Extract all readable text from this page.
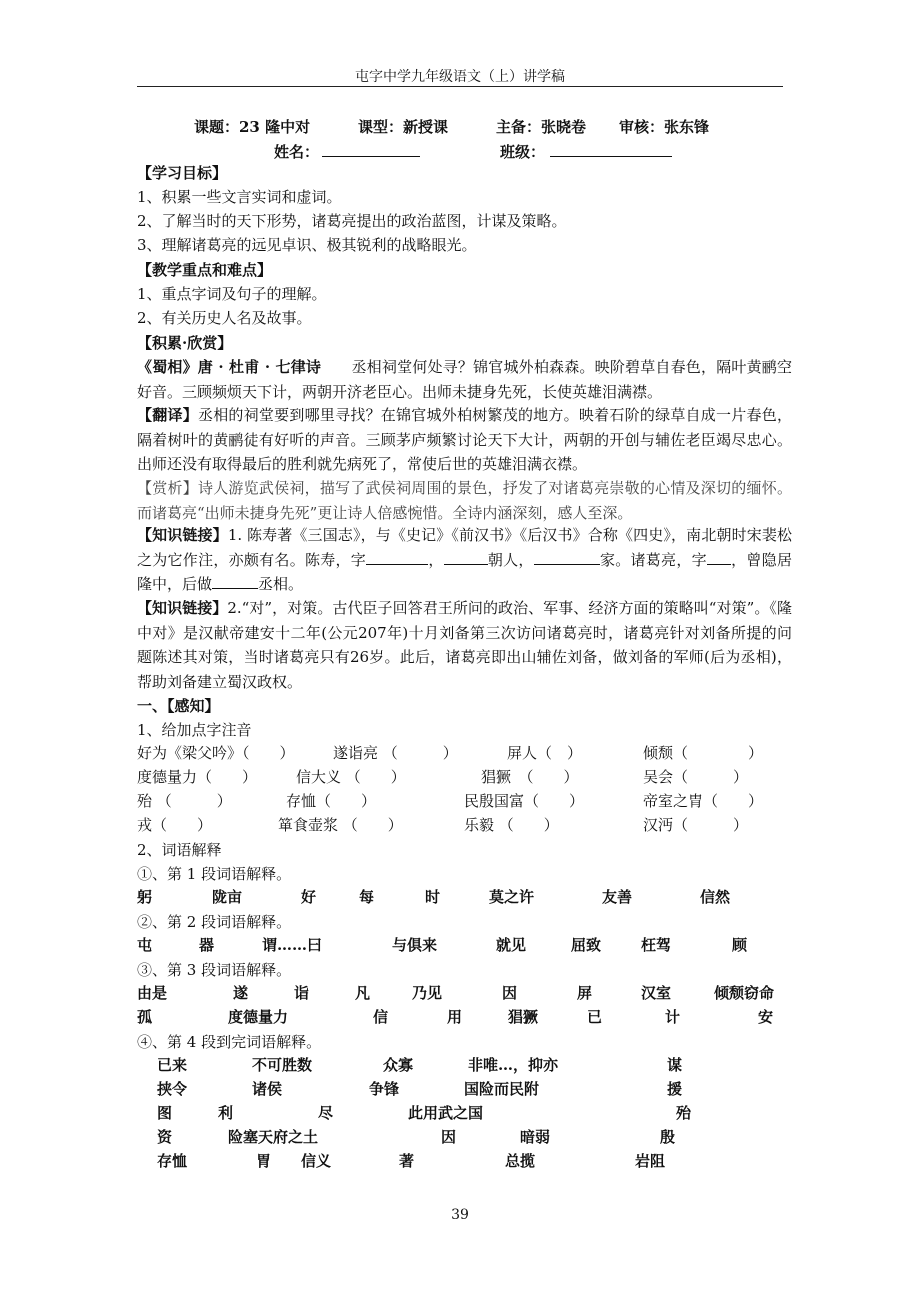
屯字中学九年级语文（上）讲学稿
课题：23 隆中对	课型：新授课	主备：张晓卷 审核：张东锋
姓名：	班级：
【学习目标】
1、积累一些文言实词和虚词。
2、了解当时的天下形势，诸葛亮提出的政治蓝图，计谋及策略。
3、理解诸葛亮的远见卓识、极其锐利的战略眼光。
【教学重点和难点】
1、重点字词及句子的理解。
2、有关历史人名及故事。
【积累·欣赏】
《蜀相》唐 · 杜甫 · 七律诗　　丞相祠堂何处寻？锦官城外柏森森。映阶碧草自春色，隔叶黄鹂空好音。三顾频烦天下计，两朝开济老臣心。出师未捷身先死，长使英雄泪满襟。
【翻译】丞相的祠堂要到哪里寻找？在锦官城外柏树繁茂的地方。映着石阶的绿草自成一片春色，隔着树叶的黄鹂徒有好听的声音。三顾茅庐频繁讨论天下大计，两朝的开创与辅佐老臣竭尽忠心。出师还没有取得最后的胜利就先病死了，常使后世的英雄泪满衣襟。
【赏析】诗人游览武侯祠，描写了武侯祠周围的景色，抒发了对诸葛亮崇敬的心情及深切的缅怀。而诸葛亮“出师未捷身先死”更让诗人倍感惋惜。全诗内涵深刻，感人至深。
【知识链接】1. 陈寿著《三国志》，与《史记》《前汉书》《后汉书》合称《四史》，南北朝时宋裴松之为它作注，亦颇有名。陈寿，字	，	朝人，	家。诸葛亮，字 ，曾隐居隆中，后做	丞相。
【知识链接】2.“对”，对策。古代臣子回答君王所问的政治、军事、经济方面的策略叫“对策”。《隆中对》是汉献帝建安十二年(公元207年)十月刘备第三次访问诸葛亮时，诸葛亮针对刘备所提的问题陈述其对策，当时诸葛亮只有26岁。此后，诸葛亮即出山辅佐刘备，做刘备的军师(后为丞相)，帮助刘备建立蜀汉政权。
一、【感知】
1、给加点字注音
好为《梁父吟》（　　）	遂诣亮 （　　　）	屏人（　）	倾颓（　　　　）
度德量力（　　）	信大义 （　　）	猖獗　（　　）	吴会（　　　）
殆 （　　　）	存恤（　　）	民殷国富（　　）	帝室之胄（　　）
戎（　　）	箪食壶浆 （　　）	乐毅 （　　）	汉沔（　　　）
2、词语解释
①、第 1 段词语解释。
躬	陇亩	好	每	时	莫之许	友善	信然
②、第 2 段词语解释。
屯	器	谓……曰	与俱来	就见	屈致	枉驾	顾
③、第 3 段词语解释。
由是	遂	诣	凡	乃见	因	屏	汉室	倾颓窃命
孤	度德量力	信	用	猖獗	已	计	安
④、第 4 段到完词语解释。
已来	不可胜数	众寡	非唯…，抑亦	谋
挟令	诸侯	争锋	国险而民附	援
图	利	尽	此用武之国	殆
资	险塞天府之土	因	暗弱	殷
存恤	胃 信义	著	总揽	岩阻
39
